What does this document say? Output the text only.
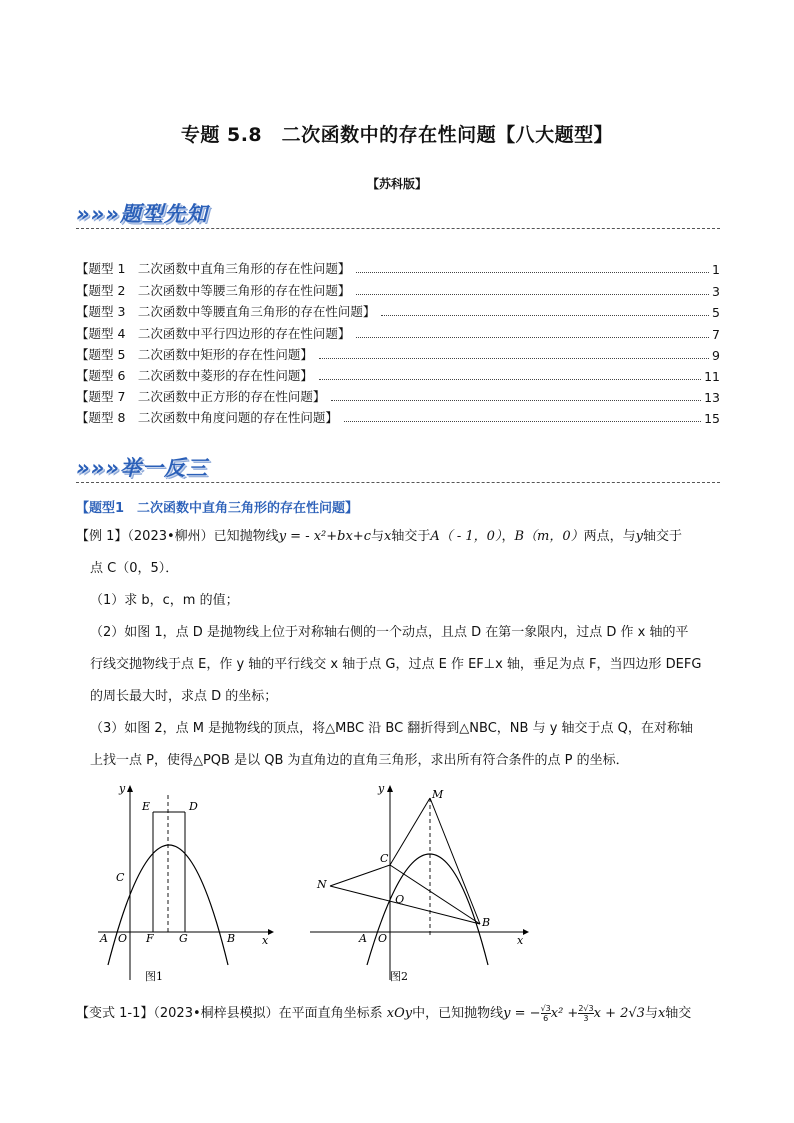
专题 5.8　二次函数中的存在性问题【八大题型】
【苏科版】
»»»题型先知
【题型 1　二次函数中直角三角形的存在性问题】	1
【题型 2　二次函数中等腰三角形的存在性问题】	3
【题型 3　二次函数中等腰直角三角形的存在性问题】	5
【题型 4　二次函数中平行四边形的存在性问题】	7
【题型 5　二次函数中矩形的存在性问题】	9
【题型 6　二次函数中菱形的存在性问题】	11
【题型 7　二次函数中正方形的存在性问题】	13
【题型 8　二次函数中角度问题的存在性问题】	15
»»»举一反三
【题型1　二次函数中直角三角形的存在性问题】
【例 1】（2023•柳州）已知抛物线y = - x²+bx+c与x轴交于A（ - 1，0），B（m，0）两点，与y轴交于
点 C（0，5）．
（1）求 b，c，m 的值；
（2）如图 1，点 D 是抛物线上位于对称轴右侧的一个动点，且点 D 在第一象限内，过点 D 作 x 轴的平
行线交抛物线于点 E，作 y 轴的平行线交 x 轴于点 G，过点 E 作 EF⊥x 轴，垂足为点 F，当四边形 DEFG
的周长最大时，求点 D 的坐标；
（3）如图 2，点 M 是抛物线的顶点，将△MBC 沿 BC 翻折得到△NBC，NB 与 y 轴交于点 Q，在对称轴
上找一点 P，使得△PQB 是以 QB 为直角边的直角三角形，求出所有符合条件的点 P 的坐标．
y
x
E	D
C
A O F G	B
图1
y
x
M
C
N
Q
A O
B
图2
【变式 1-1】（2023•桐梓县模拟）在平面直角坐标系 xOy中，已知抛物线y = − $\frac{√3}{6} x^2 + \frac{2√3}{3}$ x + 2√3与x轴交
